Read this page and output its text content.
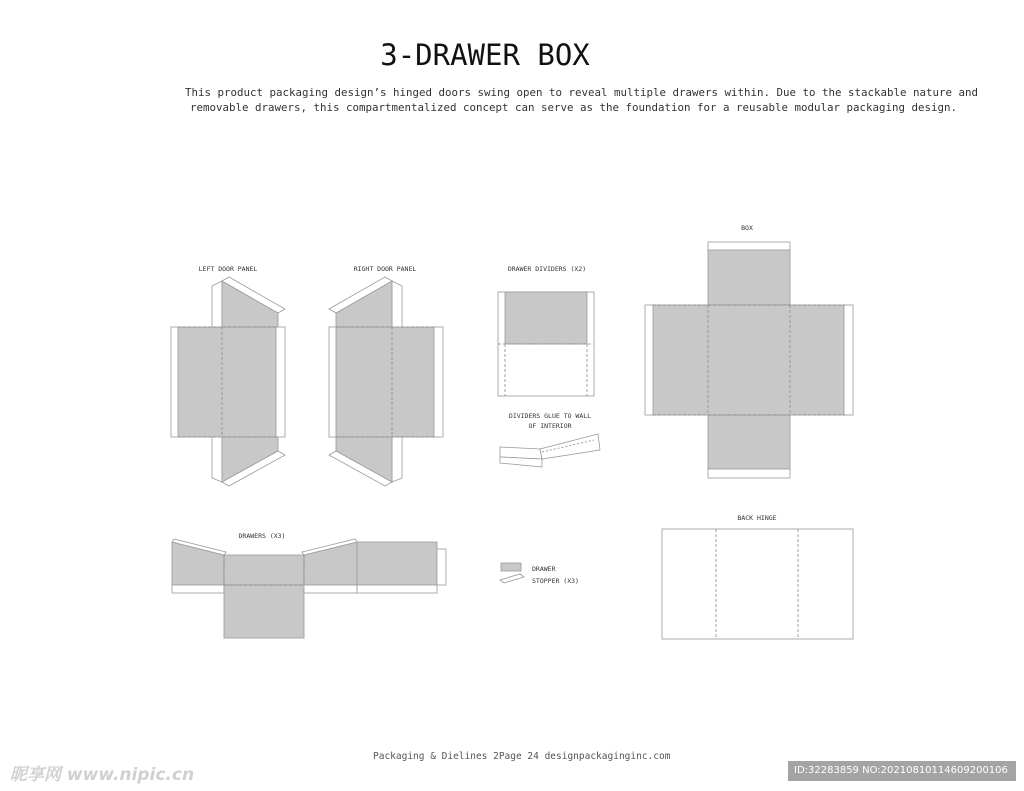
3-DRAWER BOX
This product packaging design’s hinged doors swing open to reveal multiple drawers within. Due to the stackable nature and
removable drawers, this compartmentalized concept can serve as the foundation for a reusable modular packaging design.
LEFT DOOR PANEL	RIGHT DOOR PANEL	DRAWER DIVIDERS (X2)
BOX
DIVIDERS GLUE TO WALL
OF INTERIOR
DRAWERS (X3)
DRAWER
STOPPER (X3)
BACK HINGE
Packaging & Dielines 2Page 24 designpackaginginc.com
昵享网 www.nipic.cn	ID:32283859 NO:20210810114609200106
